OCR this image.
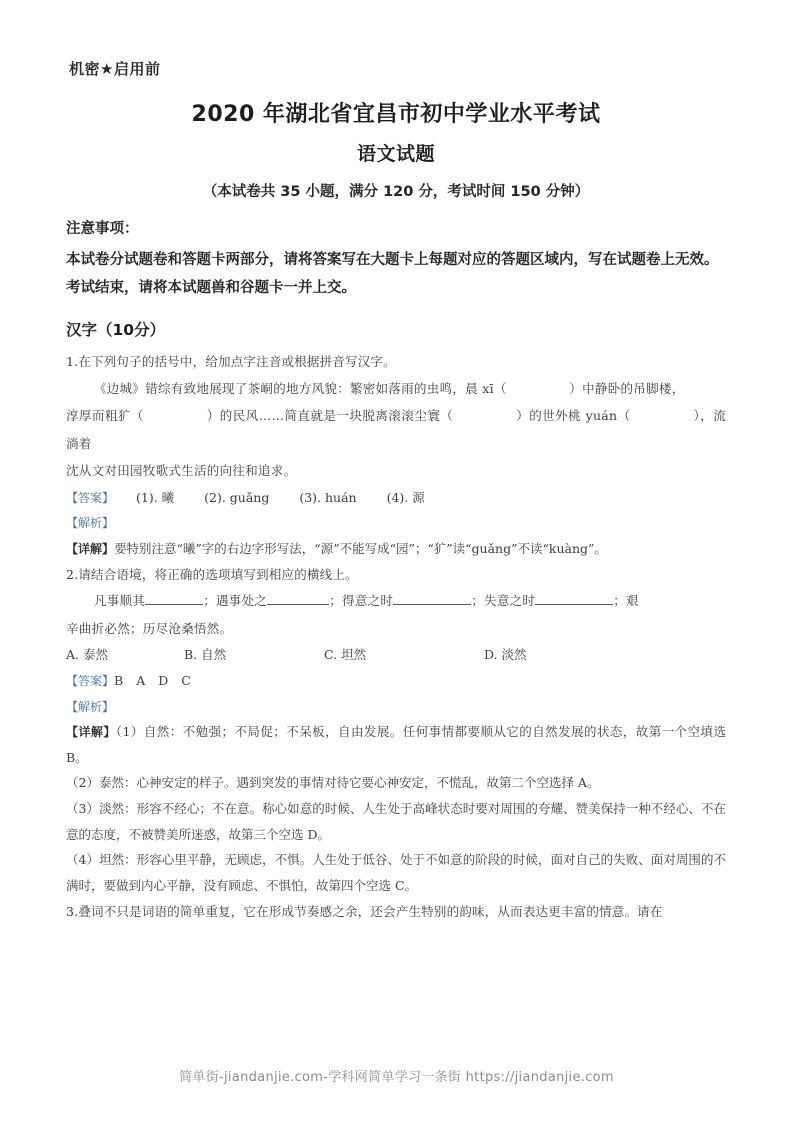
机密★启用前
2020 年湖北省宜昌市初中学业水平考试
语文试题
（本试卷共 35 小题，满分 120 分，考试时间 150 分钟）
注意事项：
本试卷分试题卷和答题卡两部分，请将答案写在大题卡上每题对应的答题区域内，写在试题卷上无效。
考试结束，请将本试题兽和谷题卡一并上交。
汉字（10分）
1.在下列句子的括号中，给加点字注音或根据拼音写汉字。
《边城》错综有致地展现了茶峒的地方风貌：繁密如落雨的虫鸣，晨 xī（	）中静卧的吊脚楼，
淳厚而粗犷（	）的民风……简直就是一块脱离滚滚尘寰（	）的世外桃 yuán（	），流淌着
沈从文对田园牧歌式生活的向往和追求。
【答案】 (1). 曦 (2). guǎng (3). huán (4). 源
【解析】
【详解】要特别注意“曦”字的右边字形写法，“源”不能写成“园”；“犷”读“guǎng”不读“kuàng”。
2.请结合语境，将正确的选项填写到相应的横线上。
凡事顺其	；遇事处之	；得意之时	；失意之时	；艰
辛曲折必然；历尽沧桑悟然。
A. 泰然	B. 自然	C. 坦然	D. 淡然
【答案】B A D C
【解析】
【详解】（1）自然：不勉强；不局促；不呆板，自由发展。任何事情都要顺从它的自然发展的状态，故第一个空填选 B。
（2）泰然：心神安定的样子。遇到突发的事情对待它要心神安定，不慌乱，故第二个空选择 A。
（3）淡然：形容不经心；不在意。称心如意的时候、人生处于高峰状态时要对周围的夸耀、赞美保持一种不经心、不在意的态度，不被赞美所迷惑，故第三个空选 D。
（4）坦然：形容心里平静，无顾虑，不惧。人生处于低谷、处于不如意的阶段的时候，面对自己的失败、面对周围的不满时，要做到内心平静，没有顾虑、不惧怕，故第四个空选 C。
3.叠词不只是词语的简单重复，它在形成节奏感之余，还会产生特别的韵味，从而表达更丰富的情意。请在
简单街-jiandanjie.com-学科网简单学习一条街 https://jiandanjie.com
